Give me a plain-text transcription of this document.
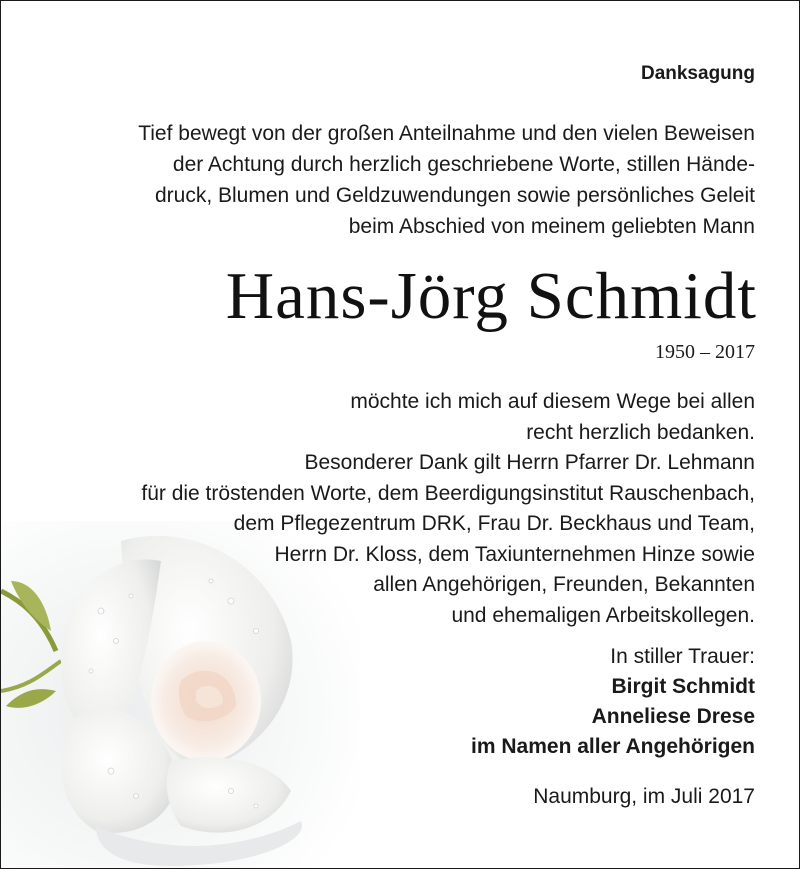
Danksagung

Tief bewegt von der großen Anteilnahme und den vielen Beweisen
der Achtung durch herzlich geschriebene Worte, stillen Hände-
druck, Blumen und Geldzuwendungen sowie persönliches Geleit
beim Abschied von meinem geliebten Mann

Hans-Jörg Schmidt
1950 – 2017

möchte ich mich auf diesem Wege bei allen
recht herzlich bedanken.
Besonderer Dank gilt Herrn Pfarrer Dr. Lehmann
für die tröstenden Worte, dem Beerdigungsinstitut Rauschenbach,
dem Pflegezentrum DRK, Frau Dr. Beckhaus und Team,
Herrn Dr. Kloss, dem Taxiunternehmen Hinze sowie
allen Angehörigen, Freunden, Bekannten
und ehemaligen Arbeitskollegen.

In stiller Trauer:
Birgit Schmidt
Anneliese Drese
im Namen aller Angehörigen

Naumburg, im Juli 2017
